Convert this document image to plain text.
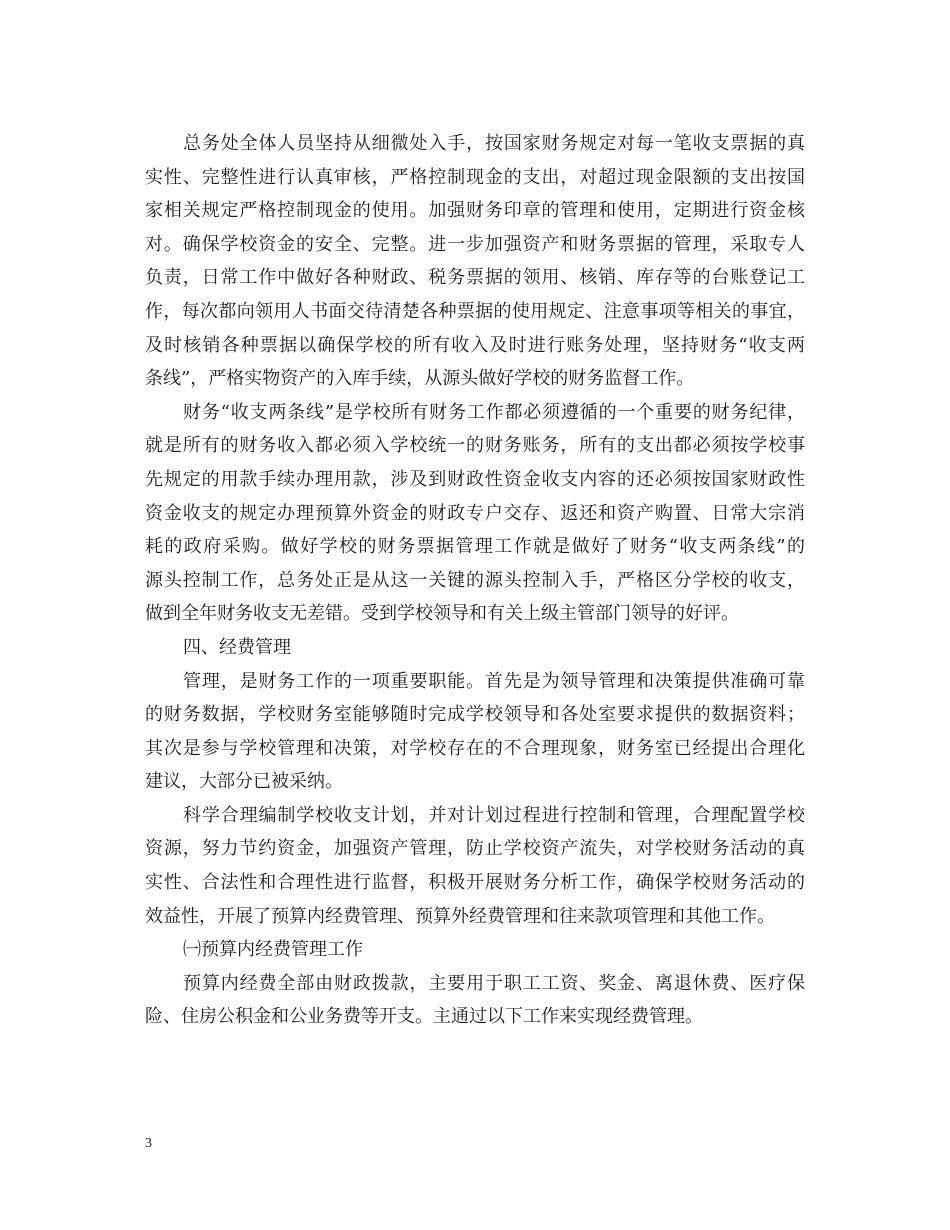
总务处全体人员坚持从细微处入手，按国家财务规定对每一笔收支票据的真
实性、完整性进行认真审核，严格控制现金的支出，对超过现金限额的支出按国
家相关规定严格控制现金的使用。加强财务印章的管理和使用，定期进行资金核
对。确保学校资金的安全、完整。进一步加强资产和财务票据的管理，采取专人
负责，日常工作中做好各种财政、税务票据的领用、核销、库存等的台账登记工
作，每次都向领用人书面交待清楚各种票据的使用规定、注意事项等相关的事宜，
及时核销各种票据以确保学校的所有收入及时进行账务处理，坚持财务“收支两
条线”，严格实物资产的入库手续，从源头做好学校的财务监督工作。
财务“收支两条线”是学校所有财务工作都必须遵循的一个重要的财务纪律，
就是所有的财务收入都必须入学校统一的财务账务，所有的支出都必须按学校事
先规定的用款手续办理用款，涉及到财政性资金收支内容的还必须按国家财政性
资金收支的规定办理预算外资金的财政专户交存、返还和资产购置、日常大宗消
耗的政府采购。做好学校的财务票据管理工作就是做好了财务“收支两条线”的
源头控制工作，总务处正是从这一关键的源头控制入手，严格区分学校的收支，
做到全年财务收支无差错。受到学校领导和有关上级主管部门领导的好评。
四、经费管理
管理，是财务工作的一项重要职能。首先是为领导管理和决策提供准确可靠
的财务数据，学校财务室能够随时完成学校领导和各处室要求提供的数据资料；
其次是参与学校管理和决策，对学校存在的不合理现象，财务室已经提出合理化
建议，大部分已被采纳。
科学合理编制学校收支计划，并对计划过程进行控制和管理，合理配置学校
资源，努力节约资金，加强资产管理，防止学校资产流失，对学校财务活动的真
实性、合法性和合理性进行监督，积极开展财务分析工作，确保学校财务活动的
效益性，开展了预算内经费管理、预算外经费管理和往来款项管理和其他工作。
㈠预算内经费管理工作
预算内经费全部由财政拨款，主要用于职工工资、奖金、离退休费、医疗保
险、住房公积金和公业务费等开支。主通过以下工作来实现经费管理。
3
